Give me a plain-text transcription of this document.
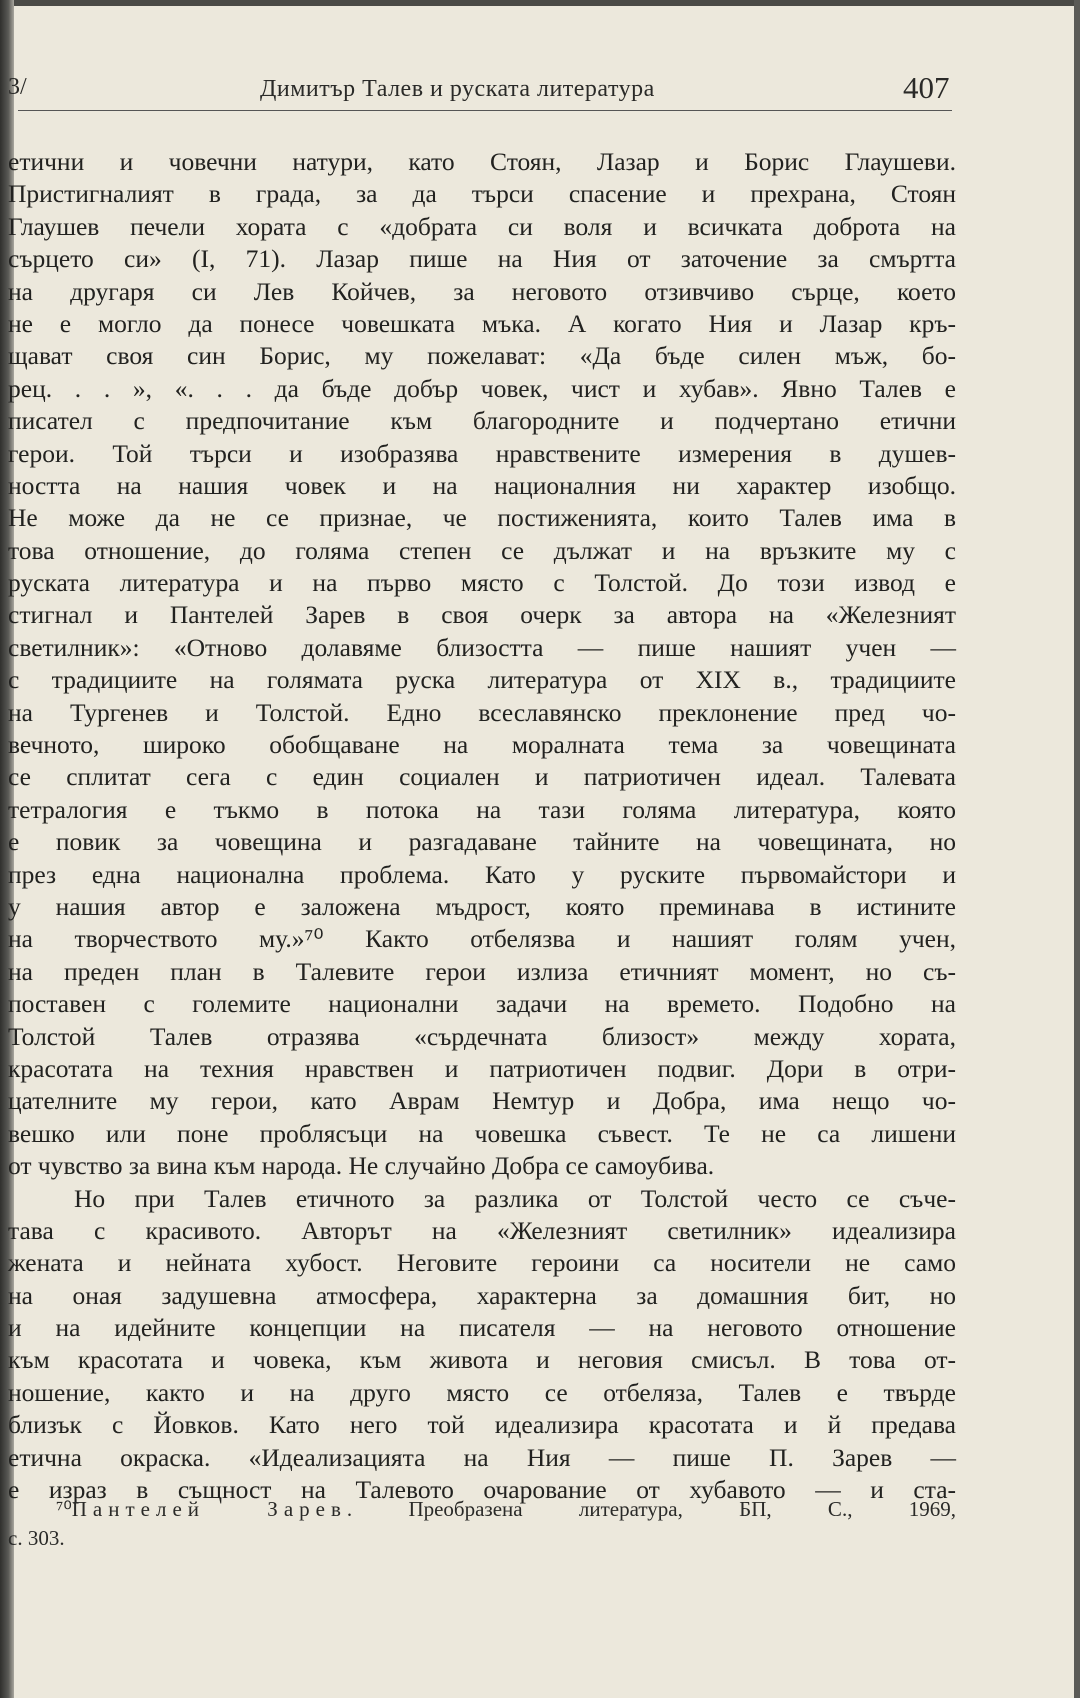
3/	Димитър Талев и руската литература	407
етични и човечни натури, като Стоян, Лазар и Борис Глаушеви.
Пристигналият в града, за да търси спасение и прехрана, Стоян
Глаушев печели хората с «добрата си воля и всичката доброта на
сърцето си» (I, 71). Лазар пише на Ния от заточение за смъртта
на другаря си Лев Койчев, за неговото отзивчиво сърце, което
не е могло да понесе човешката мъка. А когато Ния и Лазар кръ-
щават своя син Борис, му пожелават: «Да бъде силен мъж, бо-
рец. . . », «. . . да бъде добър човек, чист и хубав». Явно Талев е
писател с предпочитание към благородните и подчертано етични
герои. Той търси и изобразява нравствените измерения в душев-
ността на нашия човек и на националния ни характер изобщо.
Не може да не се признае, че постиженията, които Талев има в
това отношение, до голяма степен се дължат и на връзките му с
руската литература и на първо място с Толстой. До този извод е
стигнал и Пантелей Зарев в своя очерк за автора на «Железният
светилник»: «Отново долавяме близостта — пише нашият учен —
с традициите на голямата руска литература от XIX в., традициите
на Тургенев и Толстой. Едно всеславянско преклонение пред чо-
вечното, широко обобщаване на моралната тема за човещината
се сплитат сега с един социален и патриотичен идеал. Талевата
тетралогия е тъкмо в потока на тази голяма литература, която
е повик за човещина и разгадаване тайните на човещината, но
през една национална проблема. Като у руските първомайстори и
у нашия автор е заложена мъдрост, която преминава в истините
на творчеството му.»⁷⁰ Както отбелязва и нашият голям учен,
на преден план в Талевите герои излиза етичният момент, но съ-
поставен с големите национални задачи на времето. Подобно на
Толстой Талев отразява «сърдечната близост» между хората,
красотата на техния нравствен и патриотичен подвиг. Дори в отри-
цателните му герои, като Аврам Немтур и Добра, има нещо чо-
вешко или поне проблясъци на човешка съвест. Те не са лишени
от чувство за вина към народа. Не случайно Добра се самоубива.
Но при Талев етичното за разлика от Толстой често се съче-
тава с красивото. Авторът на «Железният светилник» идеализира
жената и нейната хубост. Неговите героини са носители не само
на оная задушевна атмосфера, характерна за домашния бит, но
и на идейните концепции на писателя — на неговото отношение
към красотата и човека, към живота и неговия смисъл. В това от-
ношение, както и на друго място се отбеляза, Талев е твърде
близък с Йовков. Като него той идеализира красотата и й предава
етична окраска. «Идеализацията на Ния — пише П. Зарев —
е израз в същност на Талевото очарование от хубавото — и ста-
⁷⁰Пантелей Зарев. Преобразена литература, БП, С., 1969,
с. 303.
